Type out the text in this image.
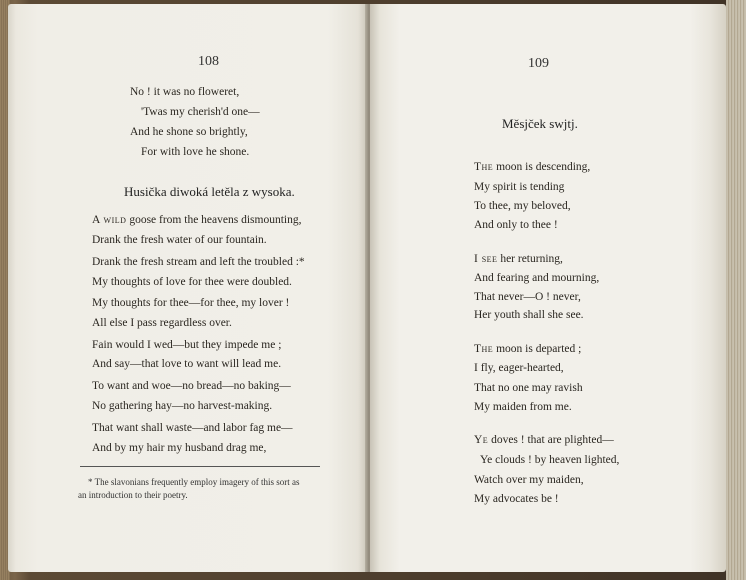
108
No ! it was no floweret,
'Twas my cherish'd one—
And he shone so brightly,
For with love he shone.
Husička diwoká letěla z wysoka.
A wild goose from the heavens dismounting,
Drank the fresh water of our fountain.
Drank the fresh stream and left the troubled :*
My thoughts of love for thee were doubled.
My thoughts for thee—for thee, my lover !
All else I pass regardless over.
Fain would I wed—but they impede me ;
And say—that love to want will lead me.
To want and woe—no bread—no baking—
No gathering hay—no harvest-making.
That want shall waste—and labor fag me—
And by my hair my husband drag me,
* The slavonians frequently employ imagery of this sort as
an introduction to their poetry.
109
Měsjček swjtj.
The moon is descending,
My spirit is tending
To thee, my beloved,
And only to thee !
I see her returning,
And fearing and mourning,
That never—O ! never,
Her youth shall she see.
The moon is departed ;
I fly, eager-hearted,
That no one may ravish
My maiden from me.
Ye doves ! that are plighted—
Ye clouds ! by heaven lighted,
Watch over my maiden,
My advocates be !
